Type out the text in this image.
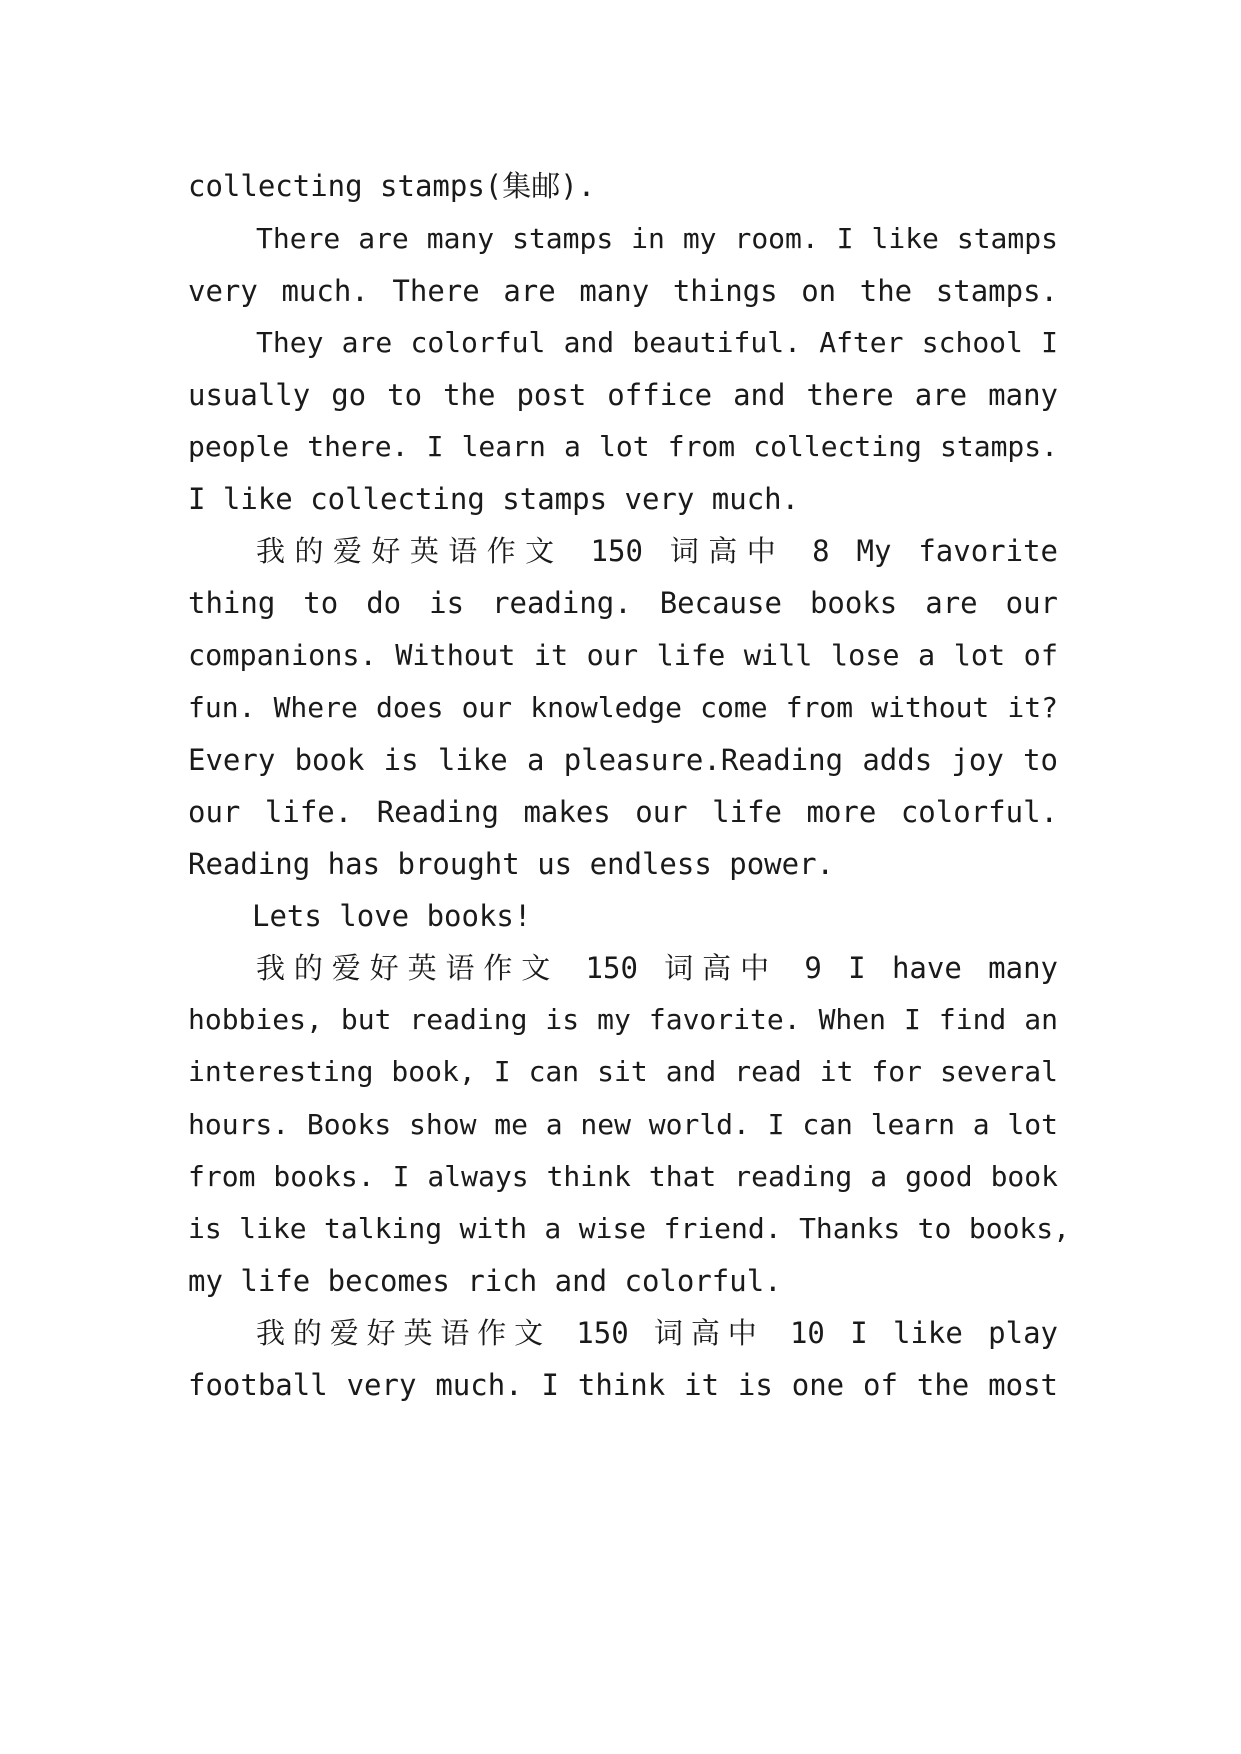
collecting stamps(集邮).
There are many stamps in my room. I like stamps
very much. There are many things on the stamps.
They are colorful and beautiful. After school I
usually go to the post office and there are many
people there. I learn a lot from collecting stamps.
I like collecting stamps very much.
我的爱好英语作文 150 词高中 8 My favorite
thing to do is reading. Because books are our
companions. Without it our life will lose a lot of
fun. Where does our knowledge come from without it?
Every book is like a pleasure.Reading adds joy to
our life. Reading makes our life more colorful.
Reading has brought us endless power.
Lets love books!
我的爱好英语作文 150 词高中 9 I have many
hobbies, but reading is my favorite. When I find an
interesting book, I can sit and read it for several
hours. Books show me a new world. I can learn a lot
from books. I always think that reading a good book
is like talking with a wise friend. Thanks to books,
my life becomes rich and colorful.
我的爱好英语作文 150 词高中 10 I like play
football very much. I think it is one of the most
